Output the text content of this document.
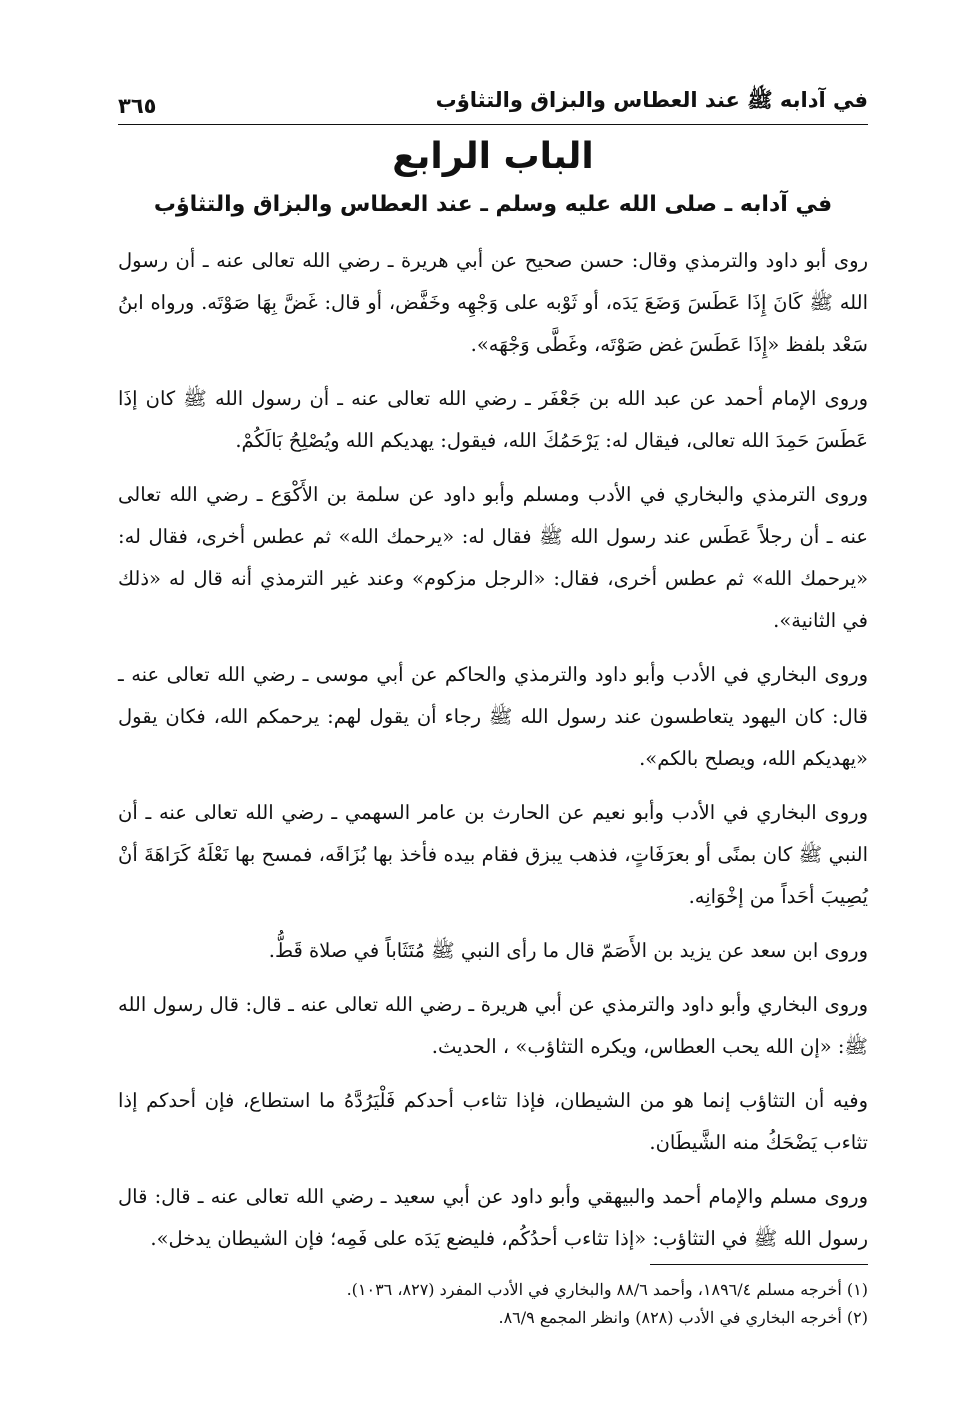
في آدابه ﷺ عند العطاس والبزاق والتثاؤب
٣٦٥
الباب الرابع
في آدابه ـ صلى الله عليه وسلم ـ عند العطاس والبزاق والتثاؤب

روى أبو داود والترمذي وقال: حسن صحيح عن أبي هريرة ـ رضي الله تعالى عنه ـ أن رسول الله ﷺ كَانَ إِذَا عَطَسَ وَضَعَ يَدَه، أو ثَوْبه على وَجْهِه وخَفَّض، أو قال: غَضَّ بِهَا صَوْتَه. ورواه ابنُ سَعْد بلفظ «إِذَا عَطَسَ غض صَوْتَه، وغَطَّى وَجْهَه».

وروى الإمام أحمد عن عبد الله بن جَعْفَر ـ رضي الله تعالى عنه ـ أن رسول الله ﷺ كان إذَا عَطَسَ حَمِدَ الله تعالى، فيقال له: يَرْحَمُكَ الله، فيقول: يهديكم الله ويُصْلِحُ بَالَكُمْ.

وروى الترمذي والبخاري في الأدب ومسلم وأبو داود عن سلمة بن الأَكْوَع ـ رضي الله تعالى عنه ـ أن رجلاً عَطَس عند رسول الله ﷺ فقال له: «يرحمك الله» ثم عطس أخرى، فقال له: «يرحمك الله» ثم عطس أخرى، فقال: «الرجل مزكوم» وعند غير الترمذي أنه قال له «ذلك في الثانية».

وروى البخاري في الأدب وأبو داود والترمذي والحاكم عن أبي موسى ـ رضي الله تعالى عنه ـ قال: كان اليهود يتعاطسون عند رسول الله ﷺ رجاء أن يقول لهم: يرحمكم الله، فكان يقول «يهديكم الله، ويصلح بالكم».

وروى البخاري في الأدب وأبو نعيم عن الحارث بن عامر السهمي ـ رضي الله تعالى عنه ـ أن النبي ﷺ كان بمنًى أو بعرَفَاتٍ، فذهب يبزق فقام بيده فأخذ بها بُزَاقَه، فمسح بها نَعْلَهُ كَرَاهَةَ أنْ يُصِيبَ أحَداً من إخْوَانِه.

وروى ابن سعد عن يزيد بن الأَصَمّ قال ما رأى النبي ﷺ مُتَثَاباً في صلاة قَطُّ.

وروى البخاري وأبو داود والترمذي عن أبي هريرة ـ رضي الله تعالى عنه ـ قال: قال رسول الله ﷺ: «إن الله يحب العطاس، ويكره التثاؤب» ، الحديث.

وفيه أن التثاؤب إنما هو من الشيطان، فإذا تثاءب أحدكم فَلْيَرُدَّهُ ما استطاع، فإن أحدكم إذا تثاءب يَضْحَكُ منه الشَّيطَان.

وروى مسلم والإمام أحمد والبيهقي وأبو داود عن أبي سعيد ـ رضي الله تعالى عنه ـ قال: قال رسول الله ﷺ في التثاؤب: «إذا تثاءب أحدُكُم، فليضع يَدَه على فَمِه؛ فإن الشيطان يدخل».

(١) أخرجه مسلم ١٨٩٦/٤، وأحمد ٨٨/٦ والبخاري في الأدب المفرد (٨٢٧، ١٠٣٦).

(٢) أخرجه البخاري في الأدب (٨٢٨) وانظر المجمع ٨٦/٩.
